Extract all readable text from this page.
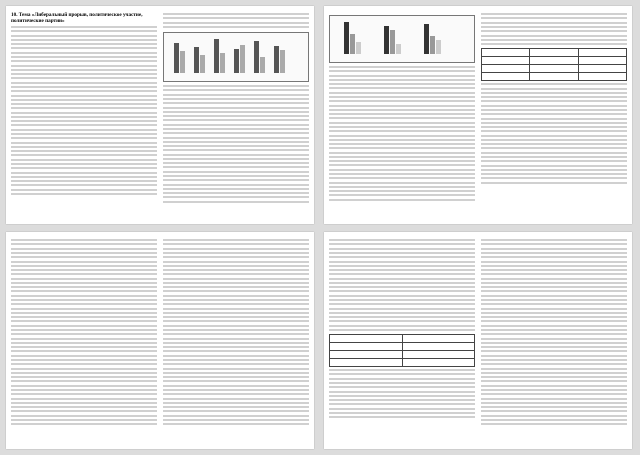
10. Тема «Либеральный прорыв, политическое участие, политические партии»
